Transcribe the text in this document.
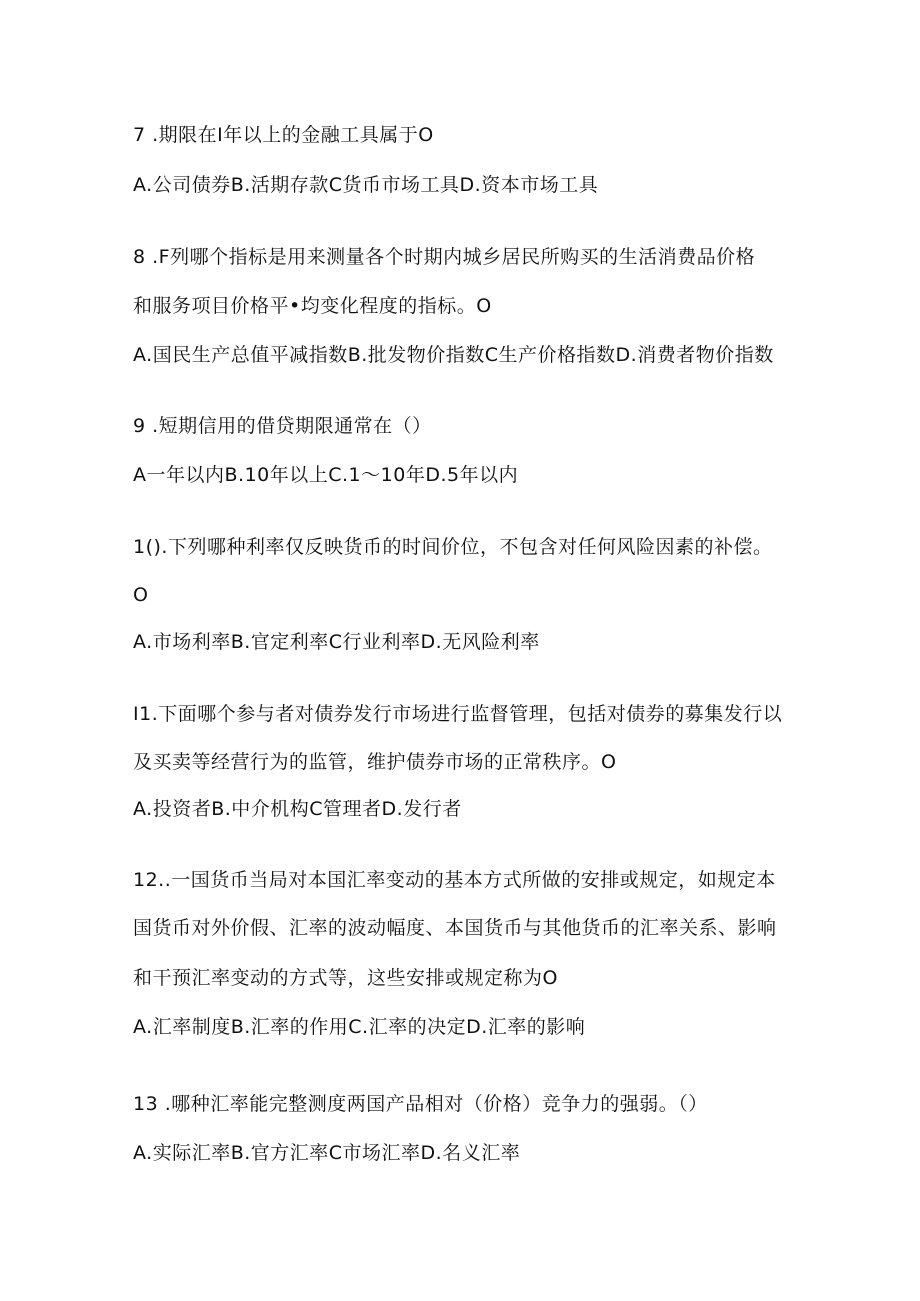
7 .期限在I年以上的金融工具属于O
A.公司债券B.活期存款C货币市场工具D.资本市场工具
8 .F列哪个指标是用来测量各个时期内城乡居民所购买的生活消费品价格
和服务项目价格平•均变化程度的指标。O
A.国民生产总值平减指数B.批发物价指数C生产价格指数D.消费者物价指数
9 .短期信用的借贷期限通常在（）
A一年以内B.10年以上C.1～10年D.5年以内
1().下列哪种利率仅反映货币的时间价位，不包含对任何风险因素的补偿。
O
A.市场利率B.官定利率C行业利率D.无风险利率
I1.下面哪个参与者对债券发行市场进行监督管理，包括对债券的募集发行以
及买卖等经营行为的监管，维护债券市场的正常秩序。O
A.投资者B.中介机构C管理者D.发行者
12..一国货币当局对本国汇率变动的基本方式所做的安排或规定，如规定本
国货币对外价假、汇率的波动幅度、本国货币与其他货币的汇率关系、影响
和干预汇率变动的方式等，这些安排或规定称为O
A.汇率制度B.汇率的作用C.汇率的决定D.汇率的影响
13 .哪种汇率能完整测度两国产品相对（价格）竞争力的强弱。（）
A.实际汇率B.官方汇率C市场汇率D.名义汇率
